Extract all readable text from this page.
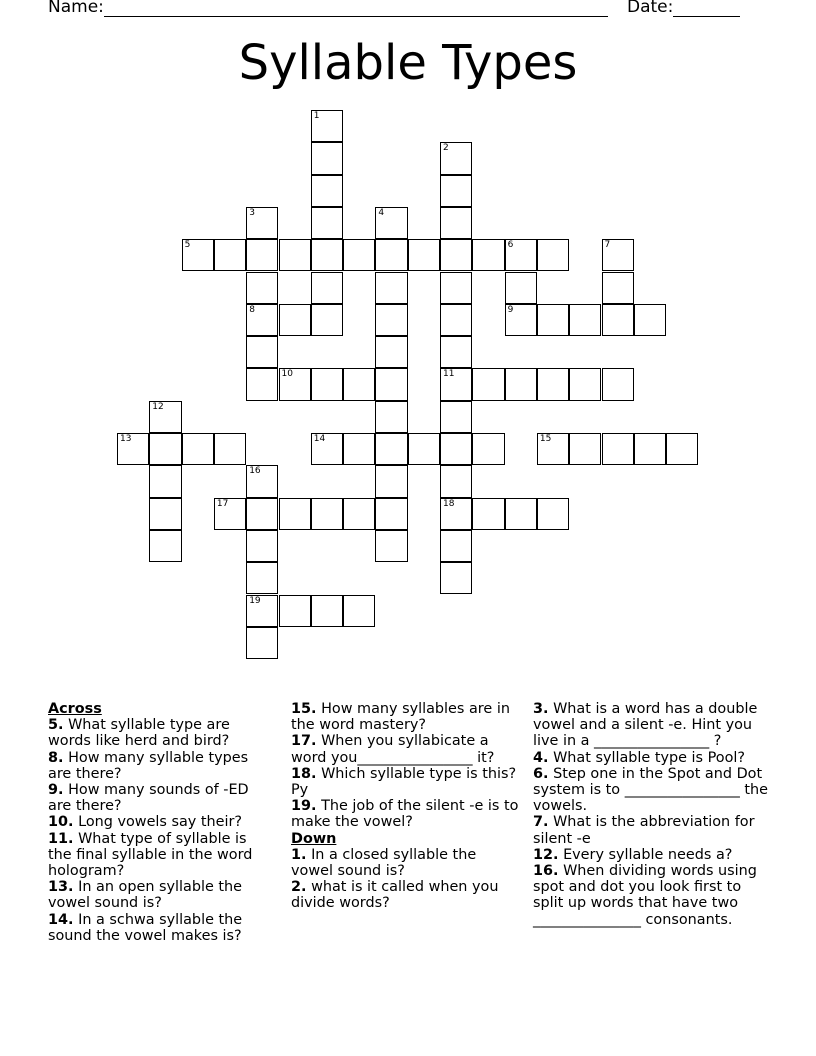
Name:	Date:
Syllable Types
1
2
11
18
3
8
4
5	6
9
7
10
12
13	14	15
16
19
17
Across

5. What syllable type are words like herd and bird?

8. How many syllable types are there?

9. How many sounds of -ED are there?

10. Long vowels say their?

11. What type of syllable is the final syllable in the word hologram?

13. In an open syllable the vowel sound is?

14. In a schwa syllable the sound the vowel makes is?

15. How many syllables are in the word mastery?

17. When you syllabicate a word you________________ it?

18. Which syllable type is this? Py

19. The job of the silent -e is to make the vowel?

Down

1. In a closed syllable the vowel sound is?

2. what is it called when you divide words?

3. What is a word has a double vowel and a silent -e. Hint you live in a ________________ ?

4. What syllable type is Pool?

6. Step one in the Spot and Dot system is to ________________ the vowels.

7. What is the abbreviation for silent -e

12. Every syllable needs a?

16. When dividing words using spot and dot you look first to split up words that have two _______________ consonants.
